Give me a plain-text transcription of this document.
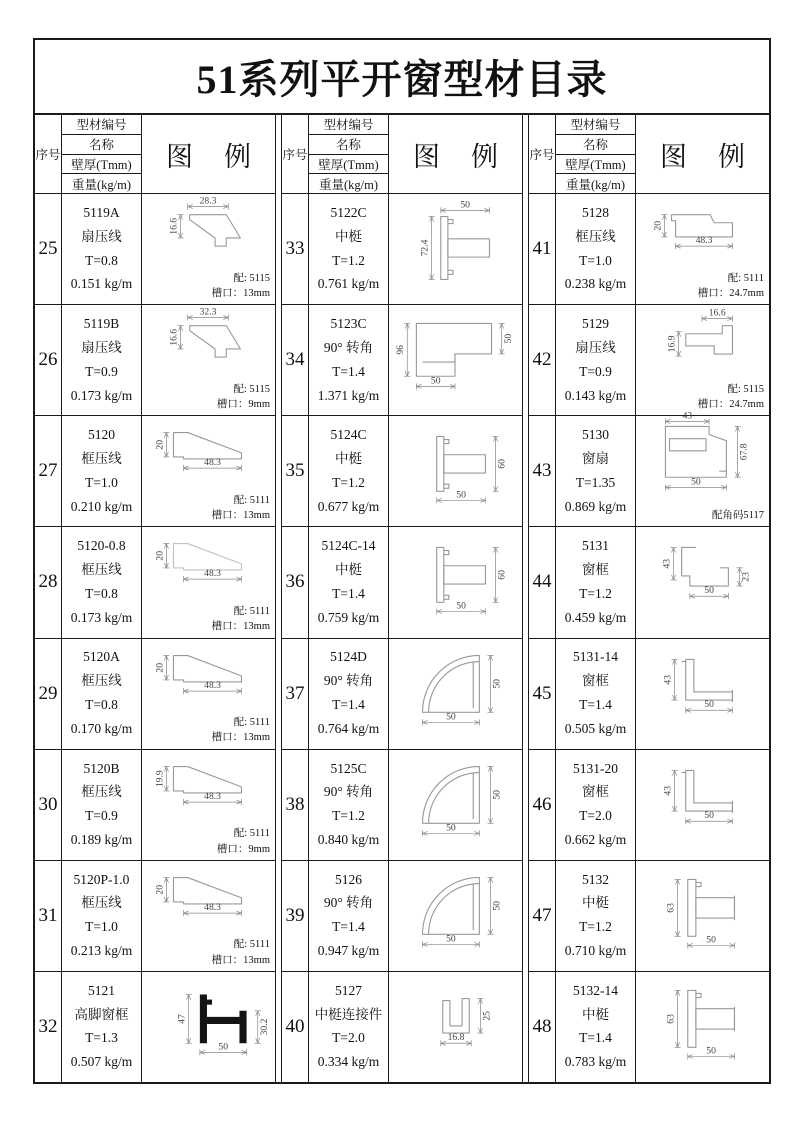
51系列平开窗型材目录
序号
型材编号
名称
壁厚(Tmm)
重量(kg/m)
图 例
25
5119A
扇压线
T=0.8
0.151 kg/m
28.3
16.6
配: 5115
槽口：13mm
26
5119B
扇压线
T=0.9
0.173 kg/m
32.3
16.6
配: 5115
槽口：9mm
27
5120
框压线
T=1.0
0.210 kg/m
48.3
20
配: 5111
槽口：13mm
28
5120-0.8
框压线
T=0.8
0.173 kg/m
48.3
20
配: 5111
槽口：13mm
29
5120A
框压线
T=0.8
0.170 kg/m
48.3
20
配: 5111
槽口：13mm
30
5120B
框压线
T=0.9
0.189 kg/m
48.3
19.9
配: 5111
槽口：9mm
31
5120P-1.0
框压线
T=1.0
0.213 kg/m
48.3
20
配: 5111
槽口：13mm
32
5121
高脚窗框
T=1.3
0.507 kg/m
50
47	30.2
序号
型材编号
名称
壁厚(Tmm)
重量(kg/m)
图 例
33
5122C
中梃
T=1.2
0.761 kg/m
50
72.4
34
5123C
90° 转角
T=1.4
1.371 kg/m
50
96
50
35
5124C
中梃
T=1.2
0.677 kg/m
50
60
36
5124C-14
中梃
T=1.4
0.759 kg/m
50
60
37
5124D
90° 转角
T=1.4
0.764 kg/m
50
50
38
5125C
90° 转角
T=1.2
0.840 kg/m
50
50
39
5126
90° 转角
T=1.4
0.947 kg/m
50
50
40
5127
中梃连接件
T=2.0
0.334 kg/m
16.8
25
序号
型材编号
名称
壁厚(Tmm)
重量(kg/m)
图 例
41
5128
框压线
T=1.0
0.238 kg/m
48.3
20
配: 5111
槽口：24.7mm
42
5129
扇压线
T=0.9
0.143 kg/m
16.6
16.9
配: 5115
槽口：24.7mm
43
5130
窗扇
T=1.35
0.869 kg/m
43
50
67.8
配角码5117
44
5131
窗框
T=1.2
0.459 kg/m
50
43
23
45
5131-14
窗框
T=1.4
0.505 kg/m
50
43
46
5131-20
窗框
T=2.0
0.662 kg/m
50
43
47
5132
中梃
T=1.2
0.710 kg/m
50
63
48
5132-14
中梃
T=1.4
0.783 kg/m
50
63
